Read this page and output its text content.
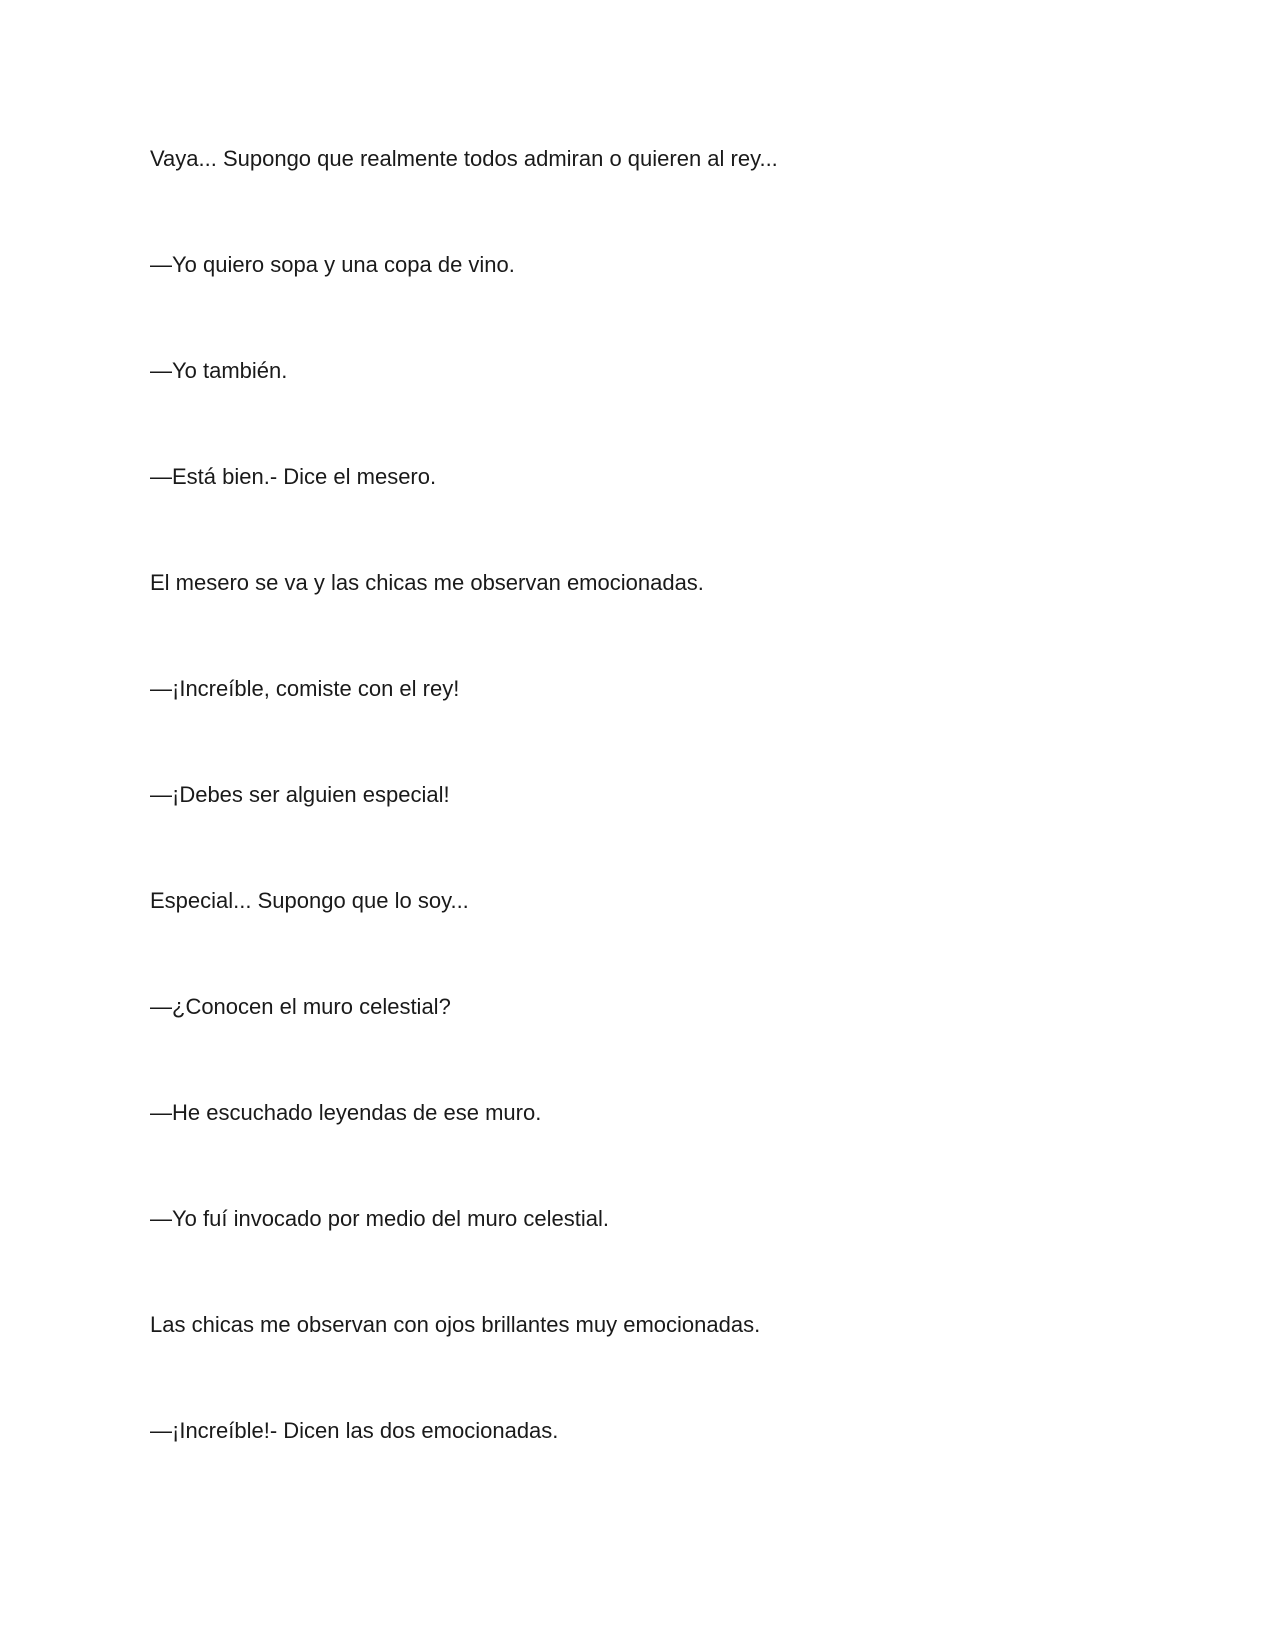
Vaya... Supongo que realmente todos admiran o quieren al rey...

—Yo quiero sopa y una copa de vino.

—Yo también.

—Está bien.- Dice el mesero.

El mesero se va y las chicas me observan emocionadas.

—¡Increíble, comiste con el rey!

—¡Debes ser alguien especial!

Especial... Supongo que lo soy...

—¿Conocen el muro celestial?

—He escuchado leyendas de ese muro.

—Yo fuí invocado por medio del muro celestial.

Las chicas me observan con ojos brillantes muy emocionadas.

—¡Increíble!- Dicen las dos emocionadas.
